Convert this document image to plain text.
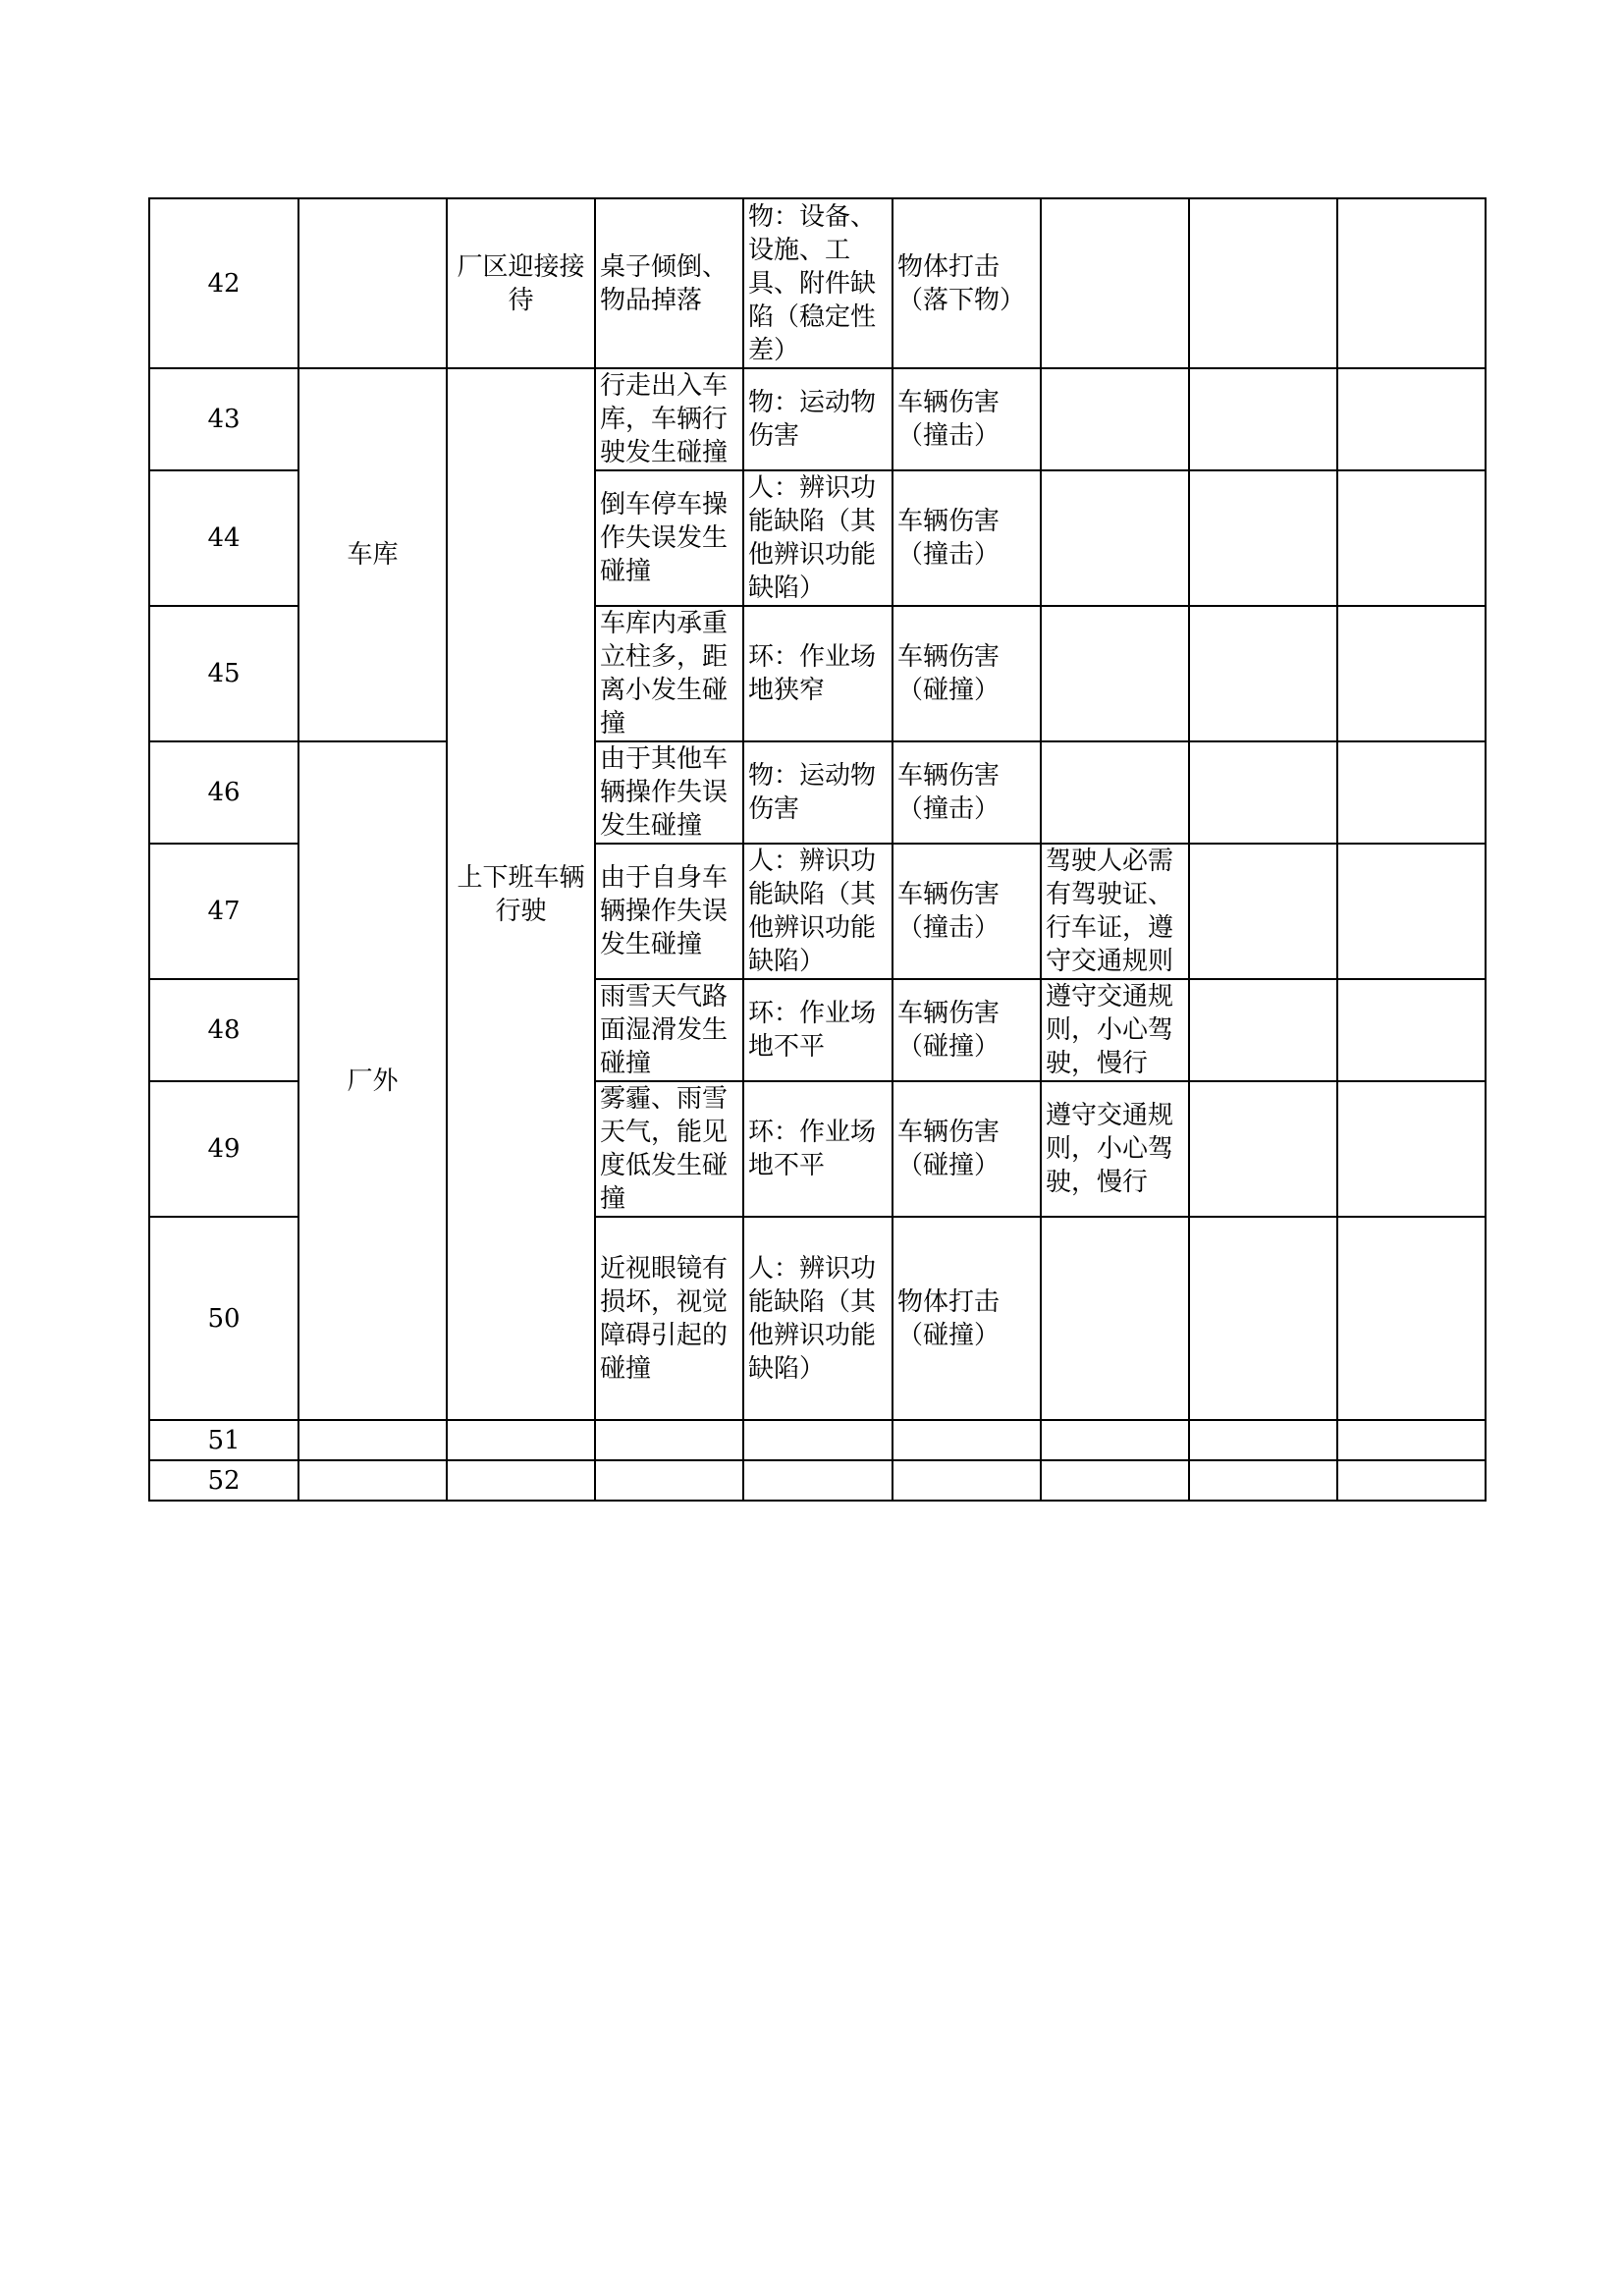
42		厂区迎接接待	桌子倾倒、物品掉落	物：设备、设施、工具、附件缺陷（稳定性差）	物体打击（落下物）			
43	车库	上下班车辆行驶	行走出入车库，车辆行驶发生碰撞	物：运动物伤害	车辆伤害（撞击）			
44			倒车停车操作失误发生碰撞	人：辨识功能缺陷（其他辨识功能缺陷）	车辆伤害（撞击）			
45			车库内承重立柱多，距离小发生碰撞	环：作业场地狭窄	车辆伤害（碰撞）			
46	厂外		由于其他车辆操作失误发生碰撞	物：运动物伤害	车辆伤害（撞击）			
47			由于自身车辆操作失误发生碰撞	人：辨识功能缺陷（其他辨识功能缺陷）	车辆伤害（撞击）	驾驶人必需有驾驶证、行车证，遵守交通规则		
48			雨雪天气路面湿滑发生碰撞	环：作业场地不平	车辆伤害（碰撞）	遵守交通规则，小心驾驶，慢行		
49			雾霾、雨雪天气，能见度低发生碰撞	环：作业场地不平	车辆伤害（碰撞）	遵守交通规则，小心驾驶，慢行		
50			近视眼镜有损坏，视觉障碍引起的碰撞	人：辨识功能缺陷（其他辨识功能缺陷）	物体打击（碰撞）			
51								
52								
